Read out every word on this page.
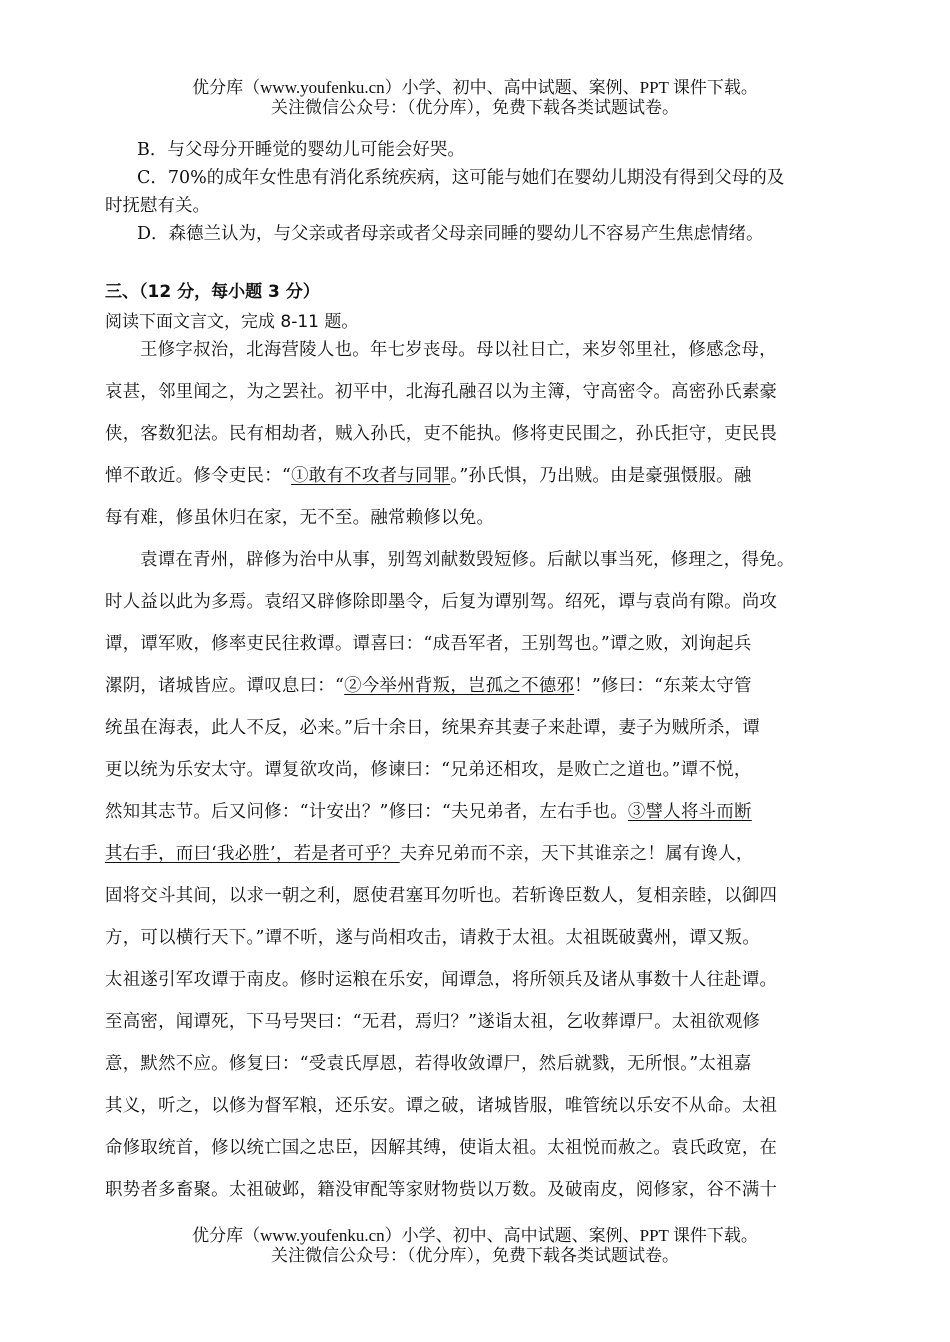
优分库（www.youfenku.cn）小学、初中、高中试题、案例、PPT 课件下载。
关注微信公众号：（优分库），免费下载各类试题试卷。
B．与父母分开睡觉的婴幼儿可能会好哭。
C．70%的成年女性患有消化系统疾病，这可能与她们在婴幼儿期没有得到父母的及
时抚慰有关。
D．森德兰认为，与父亲或者母亲或者父母亲同睡的婴幼儿不容易产生焦虑情绪。
三、（12 分，每小题 3 分）
阅读下面文言文，完成 8-11 题。
王修字叔治，北海营陵人也。年七岁丧母。母以社日亡，来岁邻里社，修感念母，
哀甚，邻里闻之，为之罢社。初平中，北海孔融召以为主簿，守高密令。高密孙氏素豪
侠，客数犯法。民有相劫者，贼入孙氏，吏不能执。修将吏民围之，孙氏拒守，吏民畏
惮不敢近。修令吏民：“①敢有不攻者与同罪。”孙氏惧，乃出贼。由是豪强慑服。融
每有难，修虽休归在家，无不至。融常赖修以免。
袁谭在青州，辟修为治中从事，别驾刘献数毁短修。后献以事当死，修理之，得免。
时人益以此为多焉。袁绍又辟修除即墨令，后复为谭别驾。绍死，谭与袁尚有隙。尚攻
谭，谭军败，修率吏民往救谭。谭喜曰：“成吾军者，王别驾也。”谭之败，刘询起兵
漯阴，诸城皆应。谭叹息曰：“②今举州背叛，岂孤之不德邪！”修曰：“东莱太守管
统虽在海表，此人不反，必来。”后十余日，统果弃其妻子来赴谭，妻子为贼所杀，谭
更以统为乐安太守。谭复欲攻尚，修谏曰：“兄弟还相攻，是败亡之道也。”谭不悦，
然知其志节。后又问修：“计安出？”修曰：“夫兄弟者，左右手也。③譬人将斗而断
其右手，而曰‘我必胜’，若是者可乎？夫弃兄弟而不亲，天下其谁亲之！属有谗人，
固将交斗其间，以求一朝之利，愿使君塞耳勿听也。若斩谗臣数人，复相亲睦，以御四
方，可以横行天下。”谭不听，遂与尚相攻击，请救于太祖。太祖既破冀州，谭又叛。
太祖遂引军攻谭于南皮。修时运粮在乐安，闻谭急，将所领兵及诸从事数十人往赴谭。
至高密，闻谭死，下马号哭曰：“无君，焉归？”遂诣太祖，乞收葬谭尸。太祖欲观修
意，默然不应。修复曰：“受袁氏厚恩，若得收敛谭尸，然后就戮，无所恨。”太祖嘉
其义，听之，以修为督军粮，还乐安。谭之破，诸城皆服，唯管统以乐安不从命。太祖
命修取统首，修以统亡国之忠臣，因解其缚，使诣太祖。太祖悦而赦之。袁氏政宽，在
职势者多畜聚。太祖破邺，籍没审配等家财物赀以万数。及破南皮，阅修家，谷不满十
优分库（www.youfenku.cn）小学、初中、高中试题、案例、PPT 课件下载。
关注微信公众号：（优分库），免费下载各类试题试卷。
